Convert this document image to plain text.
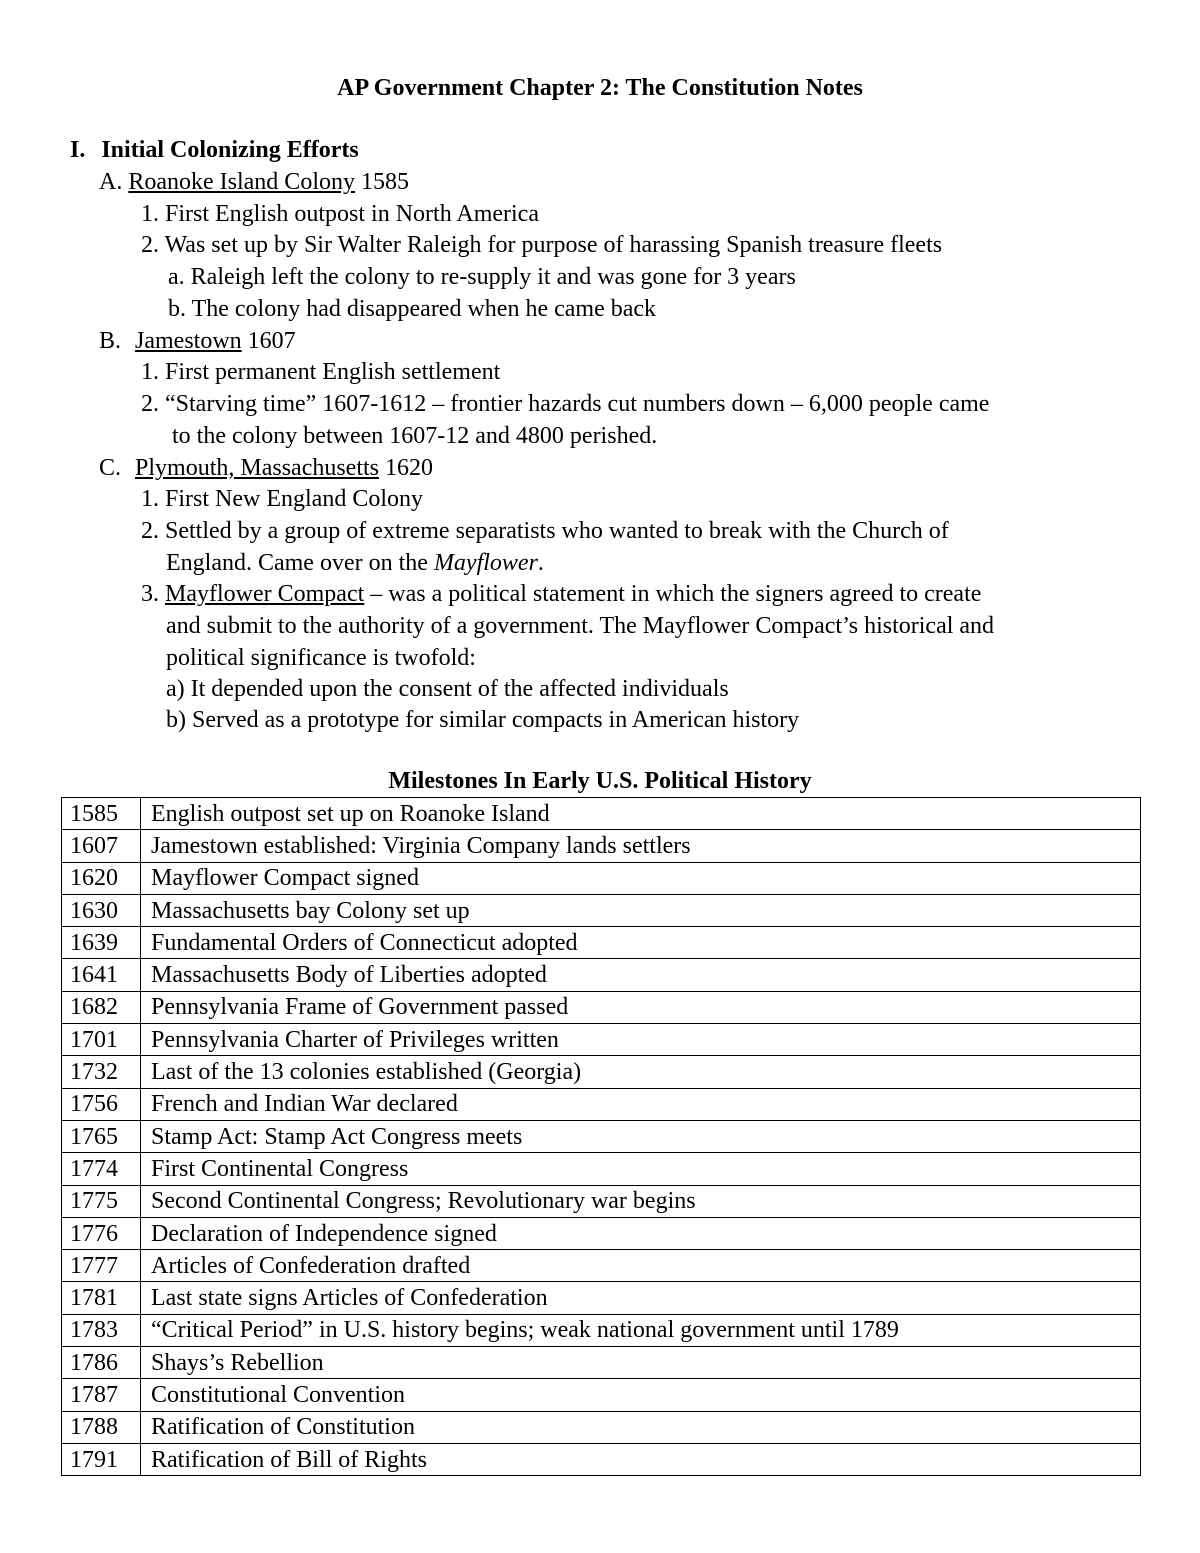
AP Government Chapter 2: The Constitution Notes
I. Initial Colonizing Efforts
A. Roanoke Island Colony 1585
1. First English outpost in North America
2. Was set up by Sir Walter Raleigh for purpose of harassing Spanish treasure fleets
a. Raleigh left the colony to re-supply it and was gone for 3 years
b. The colony had disappeared when he came back
B. Jamestown 1607
1. First permanent English settlement
2. “Starving time” 1607-1612 – frontier hazards cut numbers down – 6,000 people came
to the colony between 1607-12 and 4800 perished.
C. Plymouth, Massachusetts 1620
1. First New England Colony
2. Settled by a group of extreme separatists who wanted to break with the Church of
England. Came over on the Mayflower.
3. Mayflower Compact – was a political statement in which the signers agreed to create
and submit to the authority of a government. The Mayflower Compact’s historical and
political significance is twofold:
a) It depended upon the consent of the affected individuals
b) Served as a prototype for similar compacts in American history
Milestones In Early U.S. Political History
1585	English outpost set up on Roanoke Island
1607	Jamestown established: Virginia Company lands settlers
1620	Mayflower Compact signed
1630	Massachusetts bay Colony set up
1639	Fundamental Orders of Connecticut adopted
1641	Massachusetts Body of Liberties adopted
1682	Pennsylvania Frame of Government passed
1701	Pennsylvania Charter of Privileges written
1732	Last of the 13 colonies established (Georgia)
1756	French and Indian War declared
1765	Stamp Act: Stamp Act Congress meets
1774	First Continental Congress
1775	Second Continental Congress; Revolutionary war begins
1776	Declaration of Independence signed
1777	Articles of Confederation drafted
1781	Last state signs Articles of Confederation
1783	“Critical Period” in U.S. history begins; weak national government until 1789
1786	Shays’s Rebellion
1787	Constitutional Convention
1788	Ratification of Constitution
1791	Ratification of Bill of Rights
